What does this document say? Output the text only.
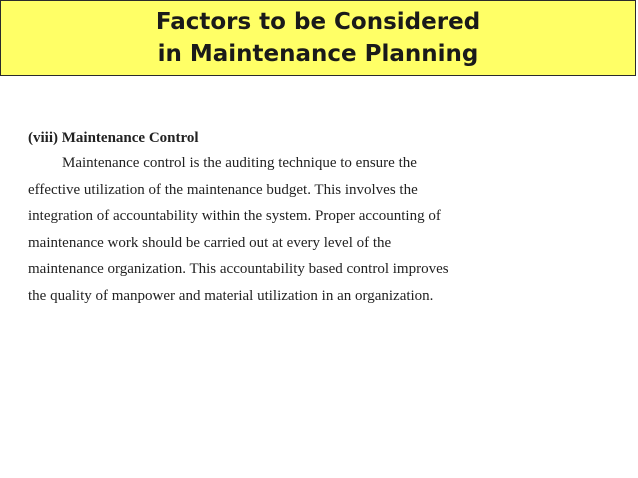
Factors to be Considered
in Maintenance Planning
(viii) Maintenance Control
Maintenance control is the auditing technique to ensure the
effective utilization of the maintenance budget. This involves the
integration of accountability within the system. Proper accounting of
maintenance work should be carried out at every level of the
maintenance organization. This accountability based control improves
the quality of manpower and material utilization in an organization.
